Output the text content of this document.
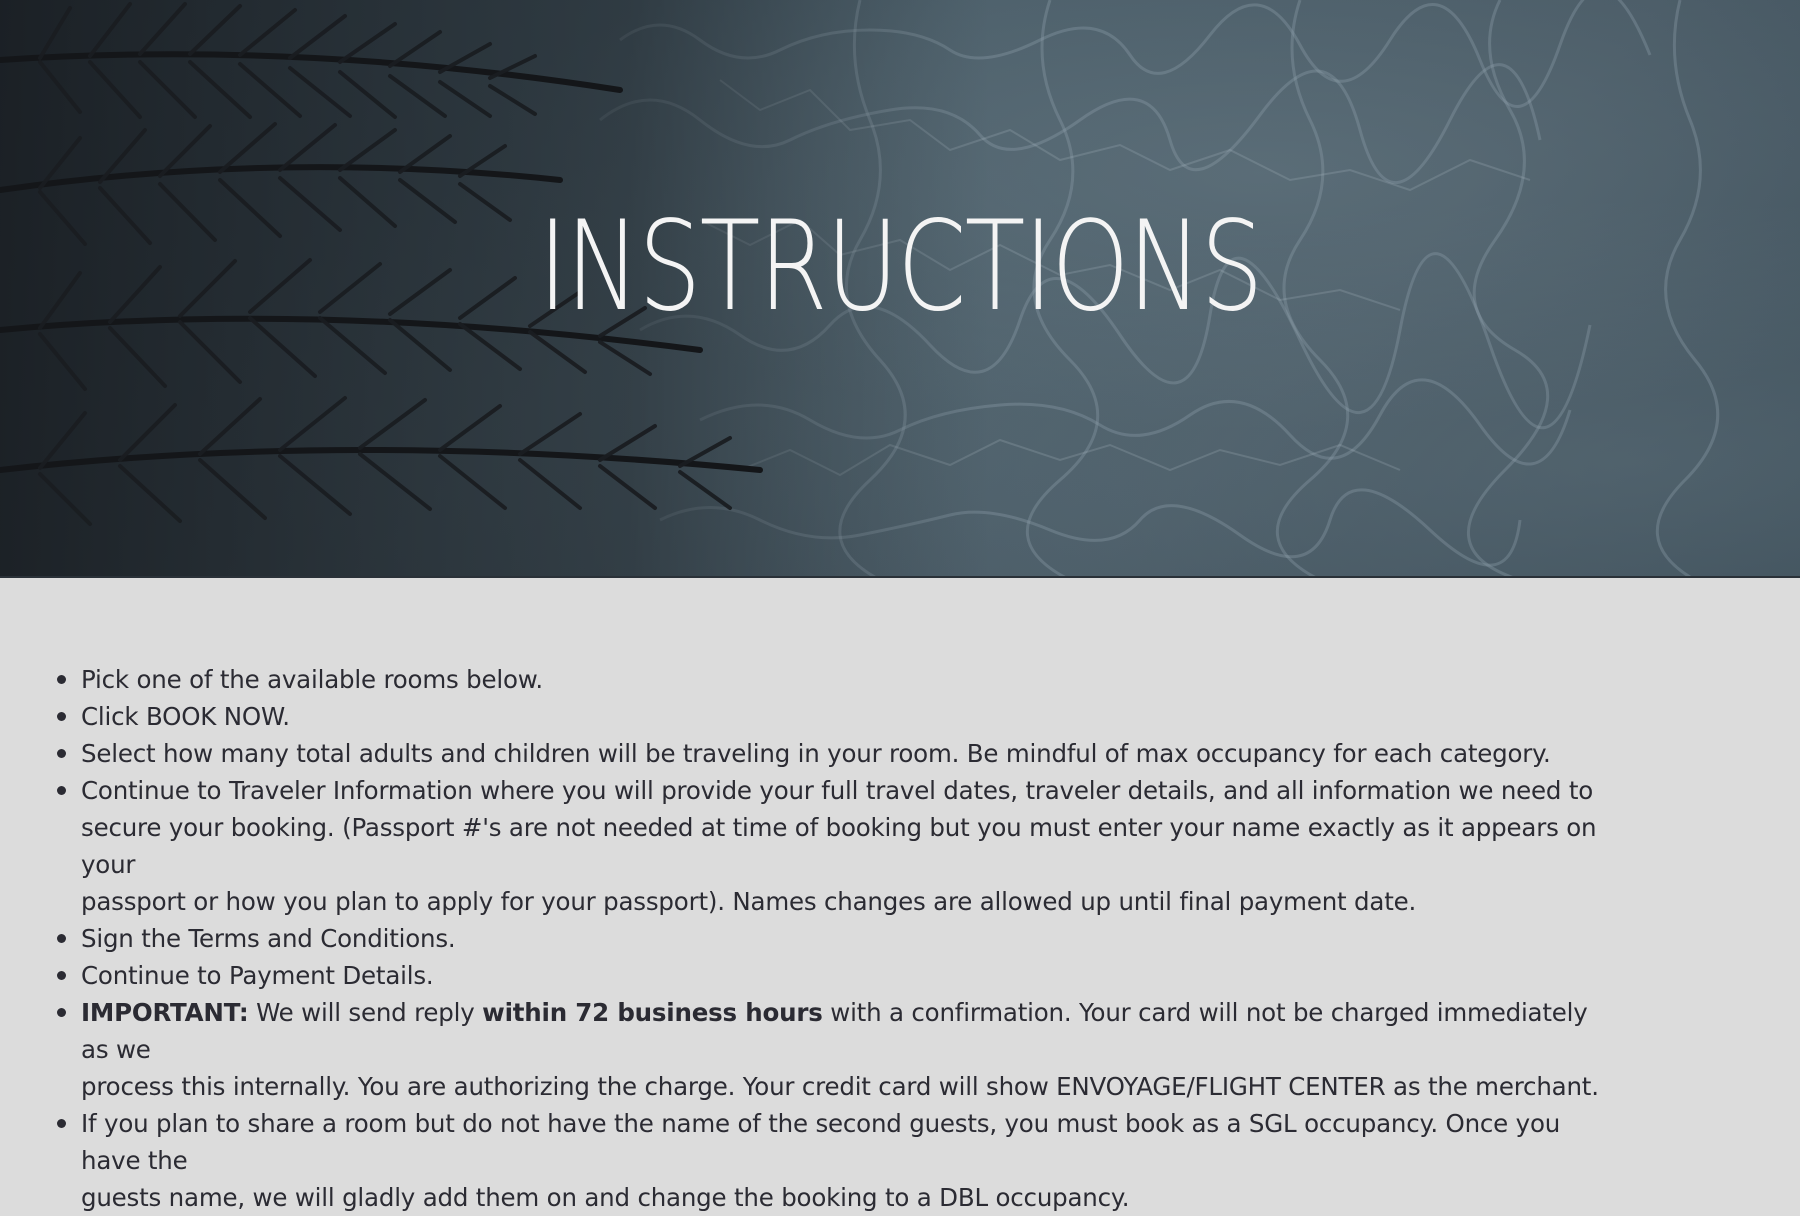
INSTRUCTIONS
Pick one of the available rooms below.
Click BOOK NOW.
Select how many total adults and children will be traveling in your room. Be mindful of max occupancy for each category.
Continue to Traveler Information where you will provide your full travel dates, traveler details, and all information we need to
secure your booking. (Passport #'s are not needed at time of booking but you must enter your name exactly as it appears on your
passport or how you plan to apply for your passport). Names changes are allowed up until final payment date.
Sign the Terms and Conditions.
Continue to Payment Details.
IMPORTANT: We will send reply within 72 business hours with a confirmation. Your card will not be charged immediately as we
process this internally. You are authorizing the charge. Your credit card will show ENVOYAGE/FLIGHT CENTER as the merchant.
If you plan to share a room but do not have the name of the second guests, you must book as a SGL occupancy. Once you have the
guests name, we will gladly add them on and change the booking to a DBL occupancy.
